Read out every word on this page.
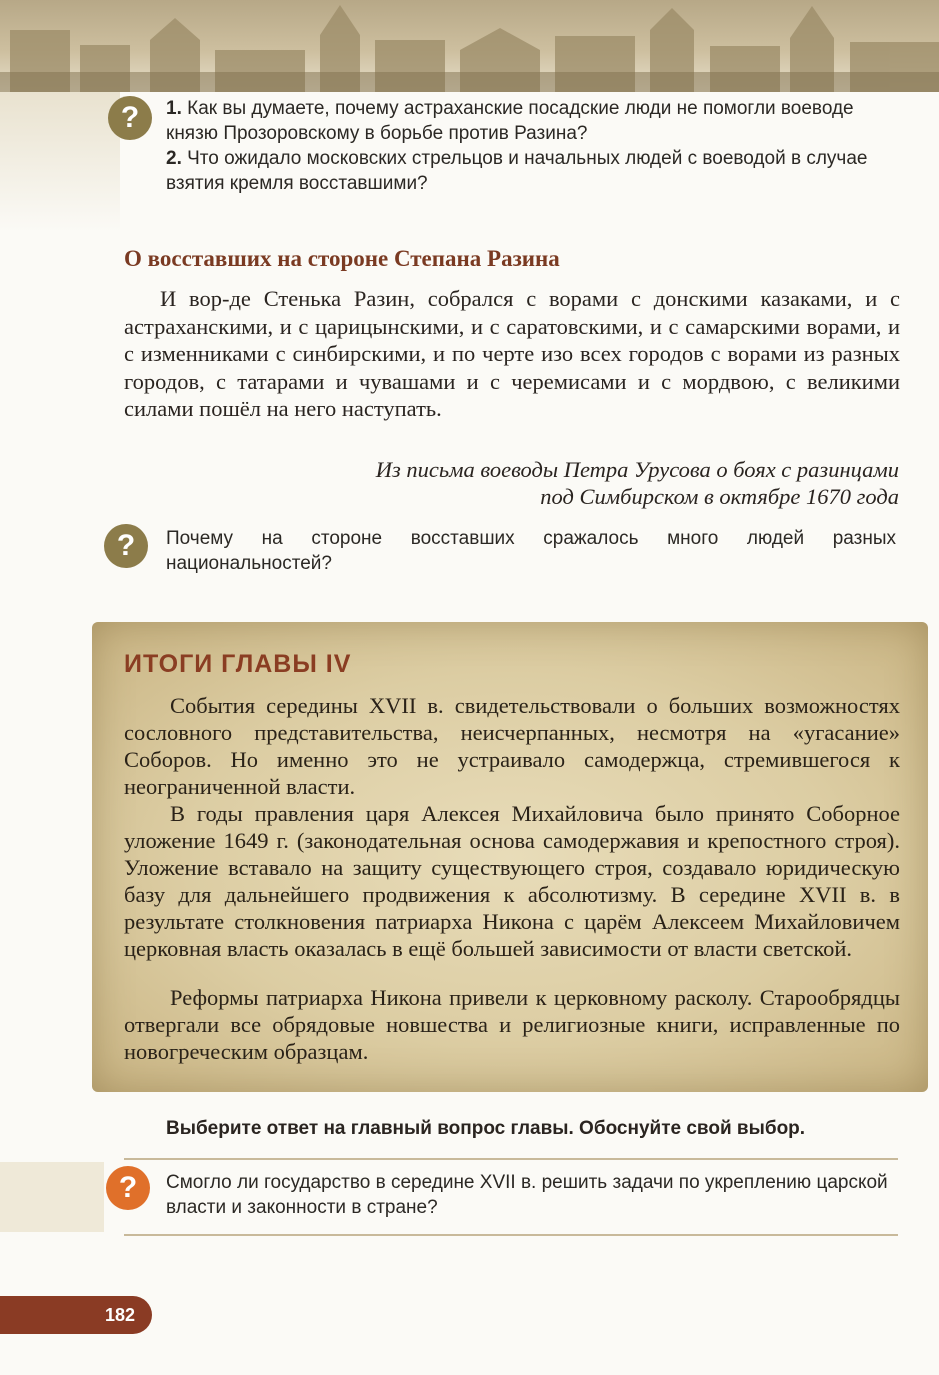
?	1. Как вы думаете, почему астраханские посадские люди не помогли воеводе князю Прозоровскому в борьбе против Разина?
2. Что ожидало московских стрельцов и начальных людей с воеводой в случае взятия кремля восставшими?
О восставших на стороне Степана Разина
И вор-де Стенька Разин, собрался с ворами с донскими казаками, и с астраханскими, и с царицынскими, и с саратовскими, и с самарскими ворами, и с изменниками с синбирскими, и по черте изо всех городов с ворами из разных городов, с татарами и чувашами и с черемисами и с мордвою, с великими силами пошёл на него наступать.
Из письма воеводы Петра Урусова о боях с разинцами
под Симбирском в октябре 1670 года
?	Почему на стороне восставших сражалось много людей разных национальностей?
ИТОГИ ГЛАВЫ IV
События середины XVII в. свидетельствовали о больших возможностях сословного представительства, неисчерпанных, несмотря на «угасание» Соборов. Но именно это не устраивало самодержца, стремившегося к неограниченной власти.
В годы правления царя Алексея Михайловича было принято Соборное уложение 1649 г. (законодательная основа самодержавия и крепостного строя). Уложение вставало на защиту существующего строя, создавало юридическую базу для дальнейшего продвижения к абсолютизму. В середине XVII в. в результате столкновения патриарха Никона с царём Алексеем Михайловичем церковная власть оказалась в ещё большей зависимости от власти светской.
Реформы патриарха Никона привели к церковному расколу. Старообрядцы отвергали все обрядовые новшества и религиозные книги, исправленные по новогреческим образцам.
Выберите ответ на главный вопрос главы. Обоснуйте свой выбор.
?	Смогло ли государство в середине XVII в. решить задачи по укреплению царской власти и законности в стране?
182
